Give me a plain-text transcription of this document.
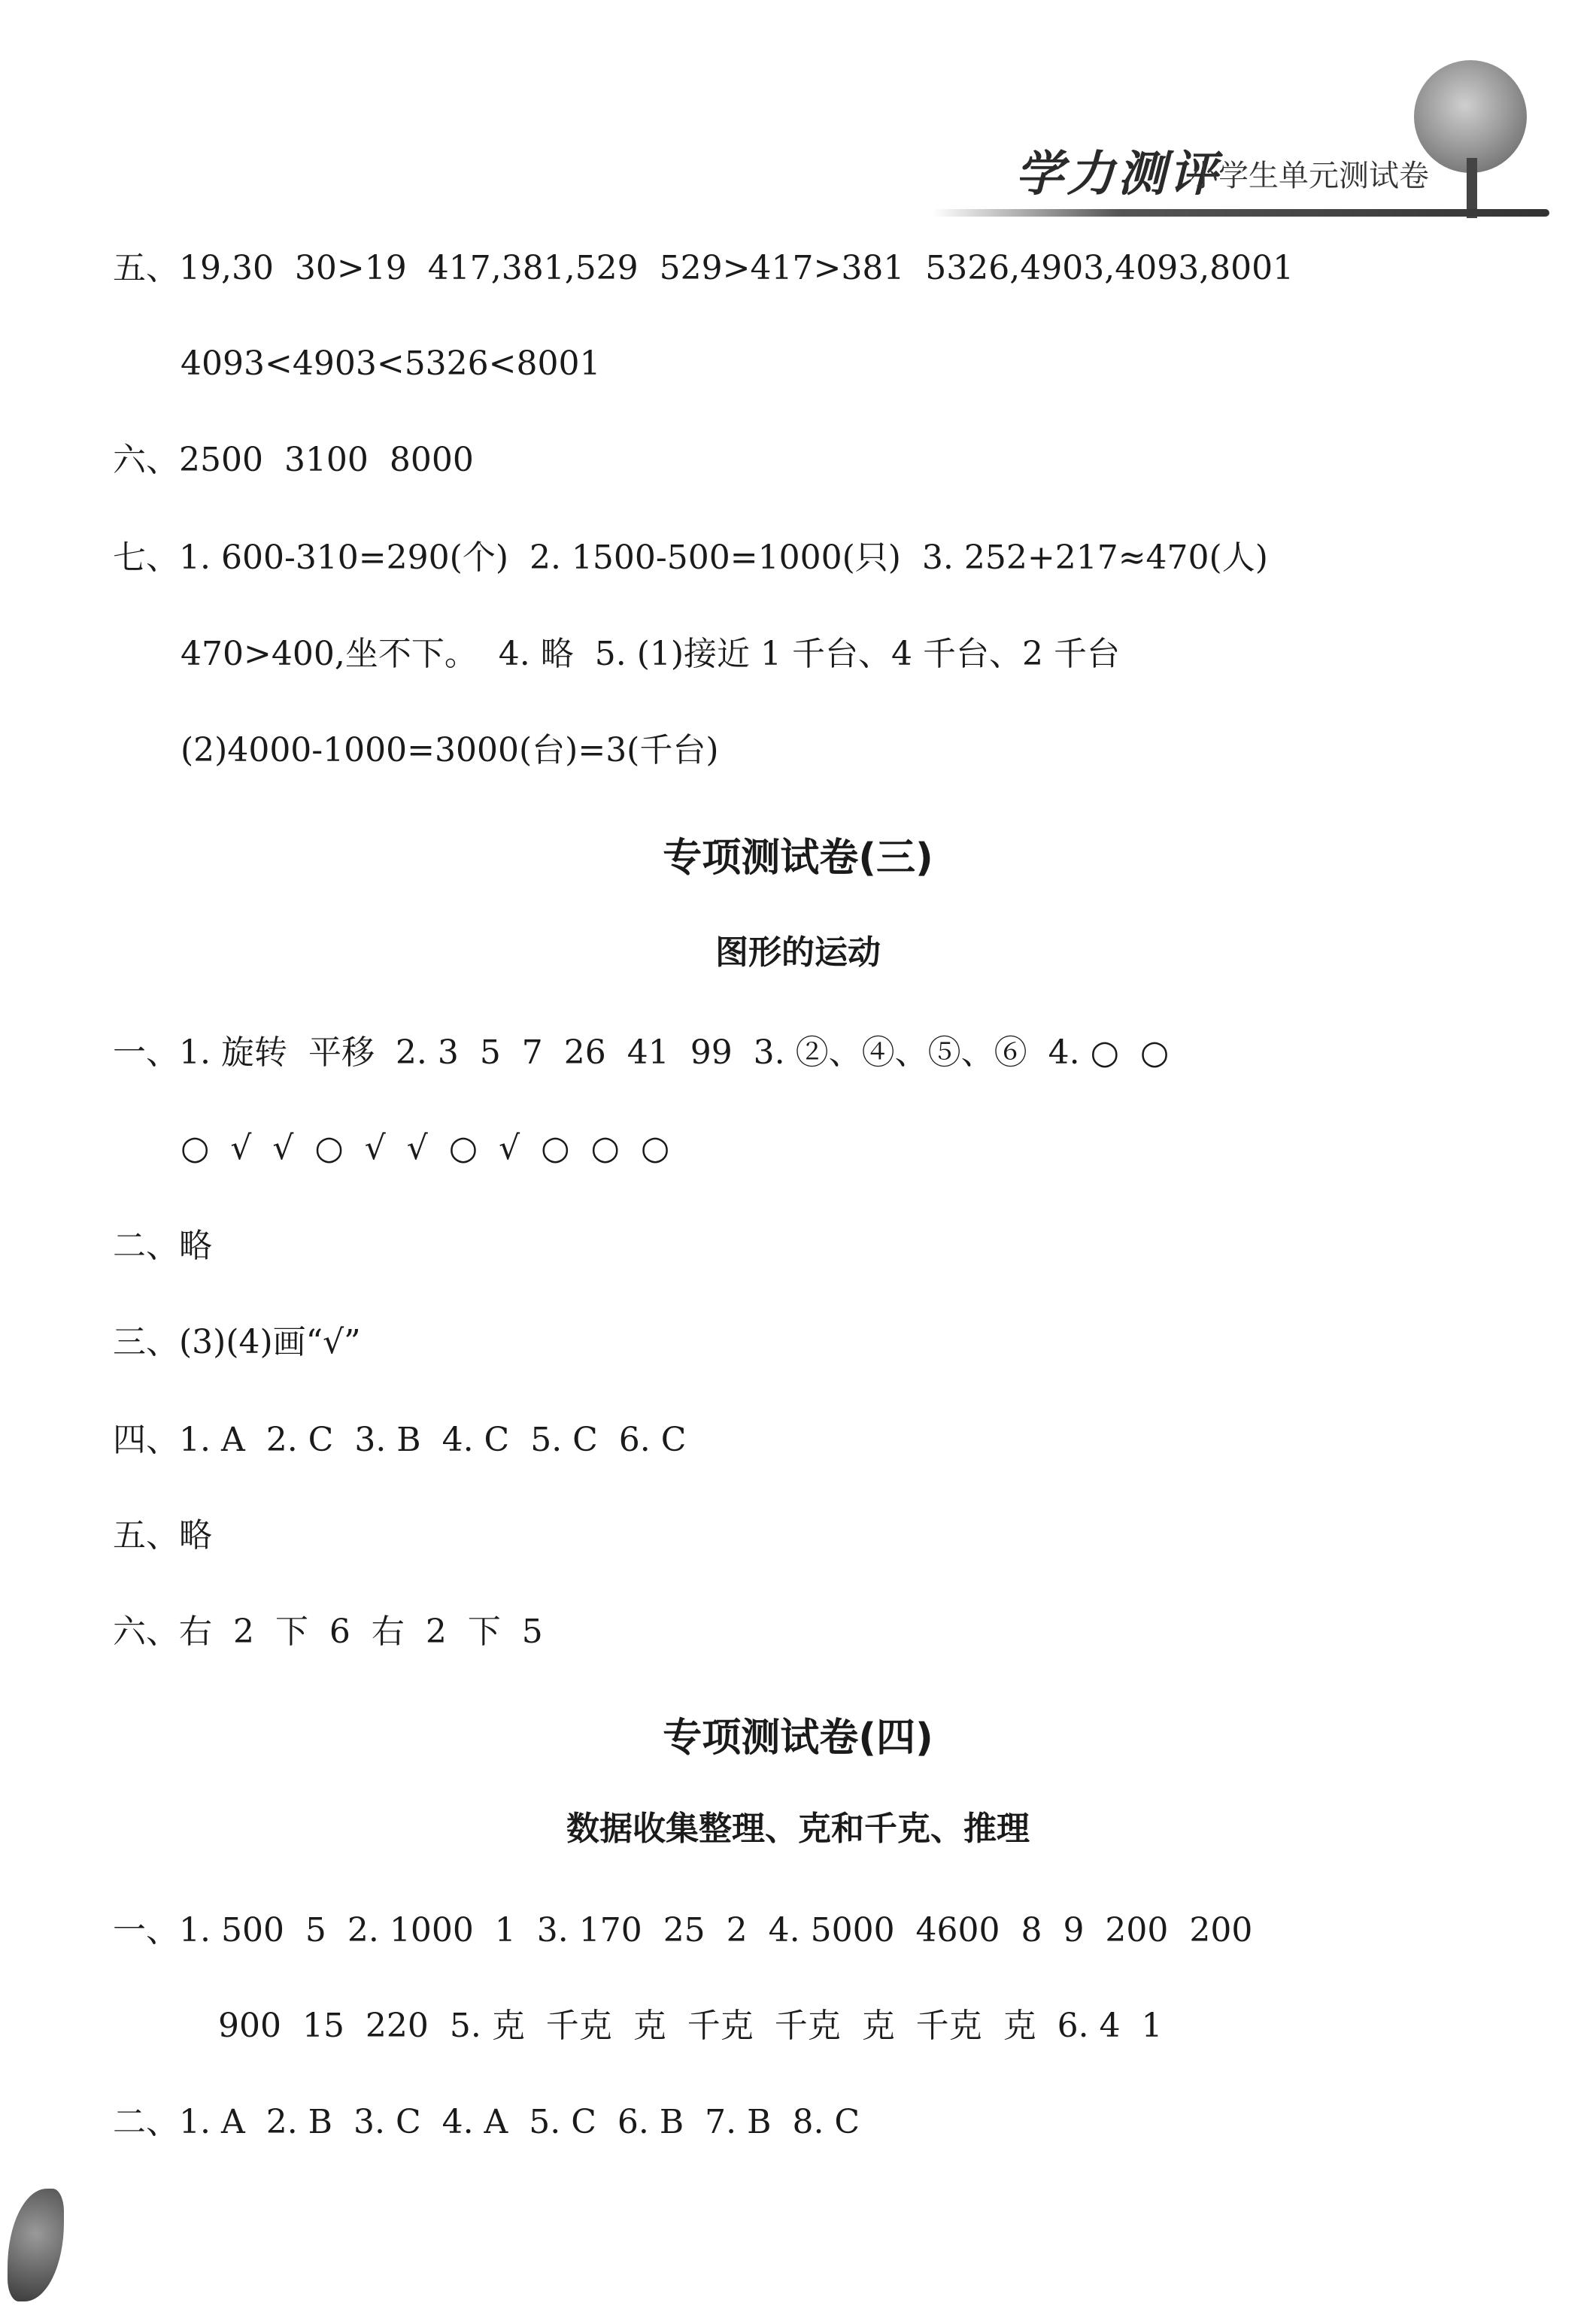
学力测评
小学生单元测试卷
五、19,30  30>19  417,381,529  529>417>381  5326,4903,4093,8001
4093<4903<5326<8001
六、2500  3100  8000
七、1. 600-310=290(个)  2. 1500-500=1000(只)  3. 252+217≈470(人)
470>400,坐不下。  4. 略  5. (1)接近 1 千台、4 千台、2 千台
(2)4000-1000=3000(台)=3(千台)
专项测试卷(三)
图形的运动
一、1. 旋转  平移  2. 3  5  7  26  41  99  3. ②、④、⑤、⑥  4. ○  ○
○  √  √  ○  √  √  ○  √  ○  ○  ○
二、略
三、(3)(4)画“√”
四、1. A  2. C  3. B  4. C  5. C  6. C
五、略
六、右  2  下  6  右  2  下  5
专项测试卷(四)
数据收集整理、克和千克、推理
一、1. 500  5  2. 1000  1  3. 170  25  2  4. 5000  4600  8  9  200  200
900  15  220  5. 克  千克  克  千克  千克  克  千克  克  6. 4  1
二、1. A  2. B  3. C  4. A  5. C  6. B  7. B  8. C
